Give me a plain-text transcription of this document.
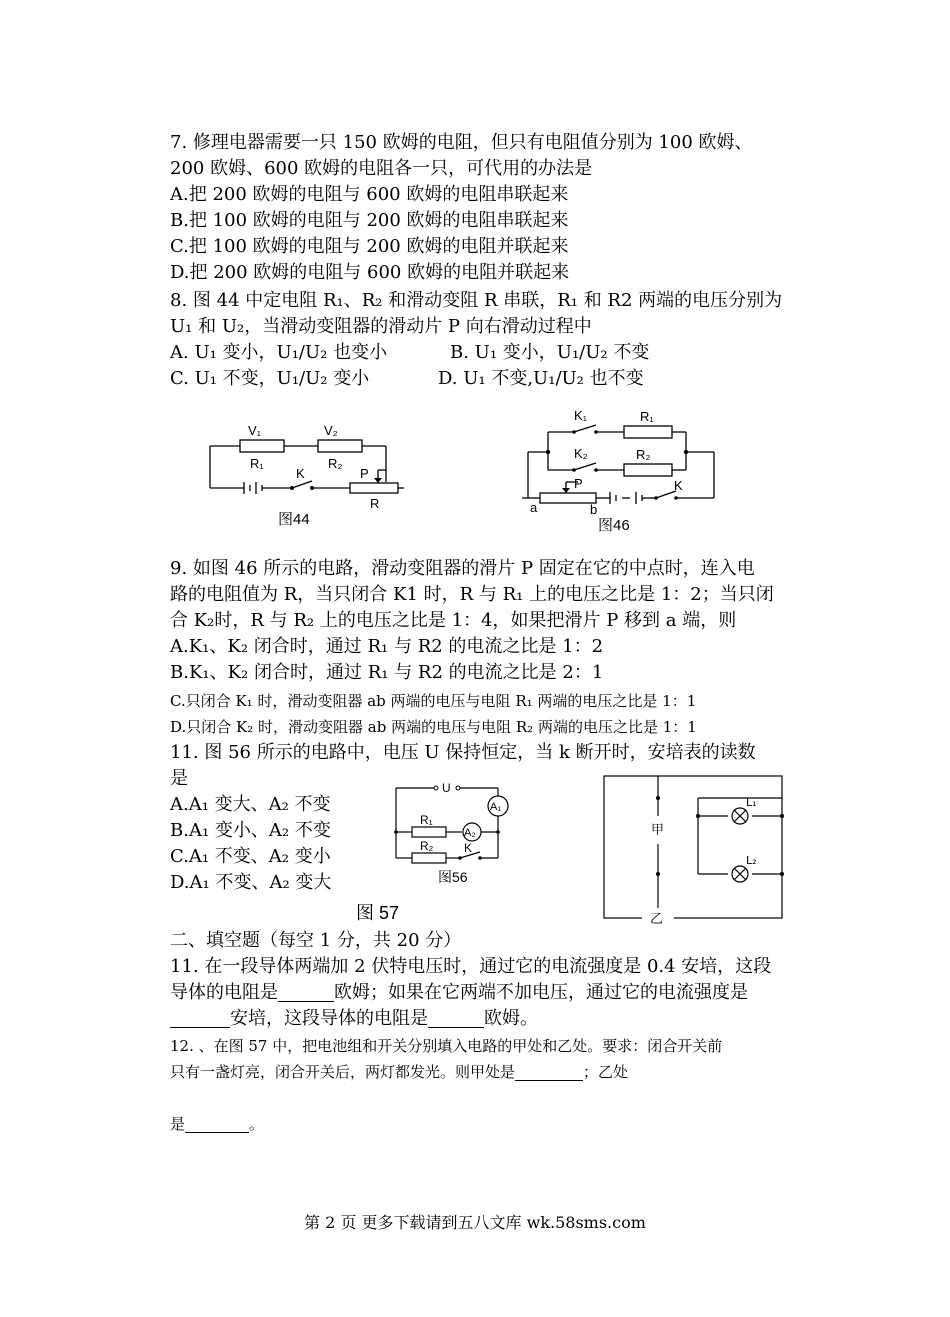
7. 修理电器需要一只 150 欧姆的电阻，但只有电阻值分别为 100 欧姆、
200 欧姆、600 欧姆的电阻各一只，可代用的办法是
A.把 200 欧姆的电阻与 600 欧姆的电阻串联起来
B.把 100 欧姆的电阻与 200 欧姆的电阻串联起来
C.把 100 欧姆的电阻与 200 欧姆的电阻并联起来
D.把 200 欧姆的电阻与 600 欧姆的电阻并联起来
8. 图 44 中定电阻 R₁、R₂ 和滑动变阻 R 串联，R₁ 和 R2 两端的电压分别为
U₁ 和 U₂，当滑动变阻器的滑动片 P 向右滑动过程中
A. U₁ 变小，U₁/U₂ 也变小	B. U₁ 变小，U₁/U₂ 不变
C. U₁ 不变，U₁/U₂ 变小	D. U₁ 不变,U₁/U₂ 也不变
V₁	V₂
R₁	R₂
K	P
R
图44
K₁	R₁
K₂	R₂
P	K
a	b
图46
9. 如图 46 所示的电路，滑动变阻器的滑片 P 固定在它的中点时，连入电
路的电阻值为 R，当只闭合 K1 时，R 与 R₁ 上的电压之比是 1：2；当只闭
合 K₂时，R 与 R₂ 上的电压之比是 1：4，如果把滑片 P 移到 a 端，则
A.K₁、K₂ 闭合时，通过 R₁ 与 R2 的电流之比是 1：2
B.K₁、K₂ 闭合时，通过 R₁ 与 R2 的电流之比是 2：1
C.只闭合 K₁ 时，滑动变阻器 ab 两端的电压与电阻 R₁ 两端的电压之比是 1：1
D.只闭合 K₂ 时，滑动变阻器 ab 两端的电压与电阻 R₂ 两端的电压之比是 1：1
11. 图 56 所示的电路中，电压 U 保持恒定，当 k 断开时，安培表的读数
是
A.A₁ 变大、A₂ 不变
B.A₁ 变小、A₂ 不变
C.A₁ 不变、A₂ 变小
D.A₁ 不变、A₂ 变大
U
A₁
A₂
R₁
R₂	K
图56
图 57
甲
乙
L₁
L₂
二、填空题（每空 1 分，共 20 分）
11. 在一段导体两端加 2 伏特电压时，通过它的电流强度是 0.4 安培，这段
导体的电阻是	欧姆；如果在它两端不加电压，通过它的电流强度是
安培，这段导体的电阻是	欧姆。
12. 、在图 57 中，把电池组和开关分别填入电路的甲处和乙处。要求：闭合开关前
只有一盏灯亮，闭合开关后，两灯都发光。则甲处是	；乙处
是	。
第 2 页 更多下载请到五八文库 wk.58sms.com
